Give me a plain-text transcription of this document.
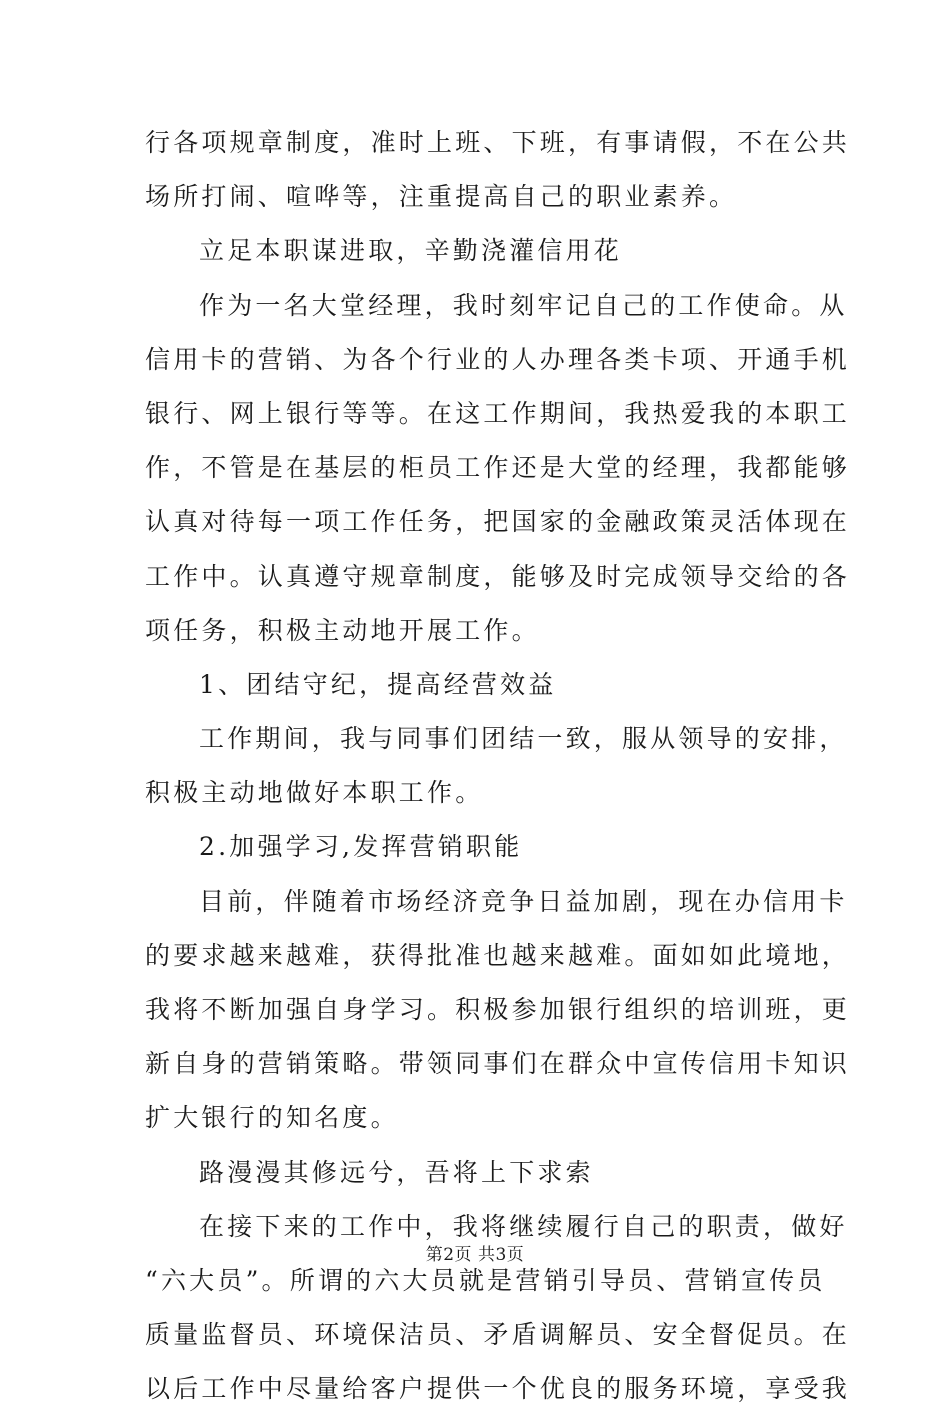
行各项规章制度，准时上班、下班，有事请假，不在公共
场所打闹、喧哗等，注重提高自己的职业素养。
立足本职谋进取，辛勤浇灌信用花
作为一名大堂经理，我时刻牢记自己的工作使命。从
信用卡的营销、为各个行业的人办理各类卡项、开通手机
银行、网上银行等等。在这工作期间，我热爱我的本职工
作，不管是在基层的柜员工作还是大堂的经理，我都能够
认真对待每一项工作任务，把国家的金融政策灵活体现在
工作中。认真遵守规章制度，能够及时完成领导交给的各
项任务，积极主动地开展工作。
1、团结守纪，提高经营效益
工作期间，我与同事们团结一致，服从领导的安排，
积极主动地做好本职工作。
2.加强学习,发挥营销职能
目前，伴随着市场经济竞争日益加剧，现在办信用卡
的要求越来越难，获得批准也越来越难。面如如此境地，
我将不断加强自身学习。积极参加银行组织的培训班，更
新自身的营销策略。带领同事们在群众中宣传信用卡知识
扩大银行的知名度。
路漫漫其修远兮，吾将上下求索
在接下来的工作中，我将继续履行自己的职责，做好
“六大员”。所谓的六大员就是营销引导员、营销宣传员
质量监督员、环境保洁员、矛盾调解员、安全督促员。在
以后工作中尽量给客户提供一个优良的服务环境，享受我
第2页 共3页
